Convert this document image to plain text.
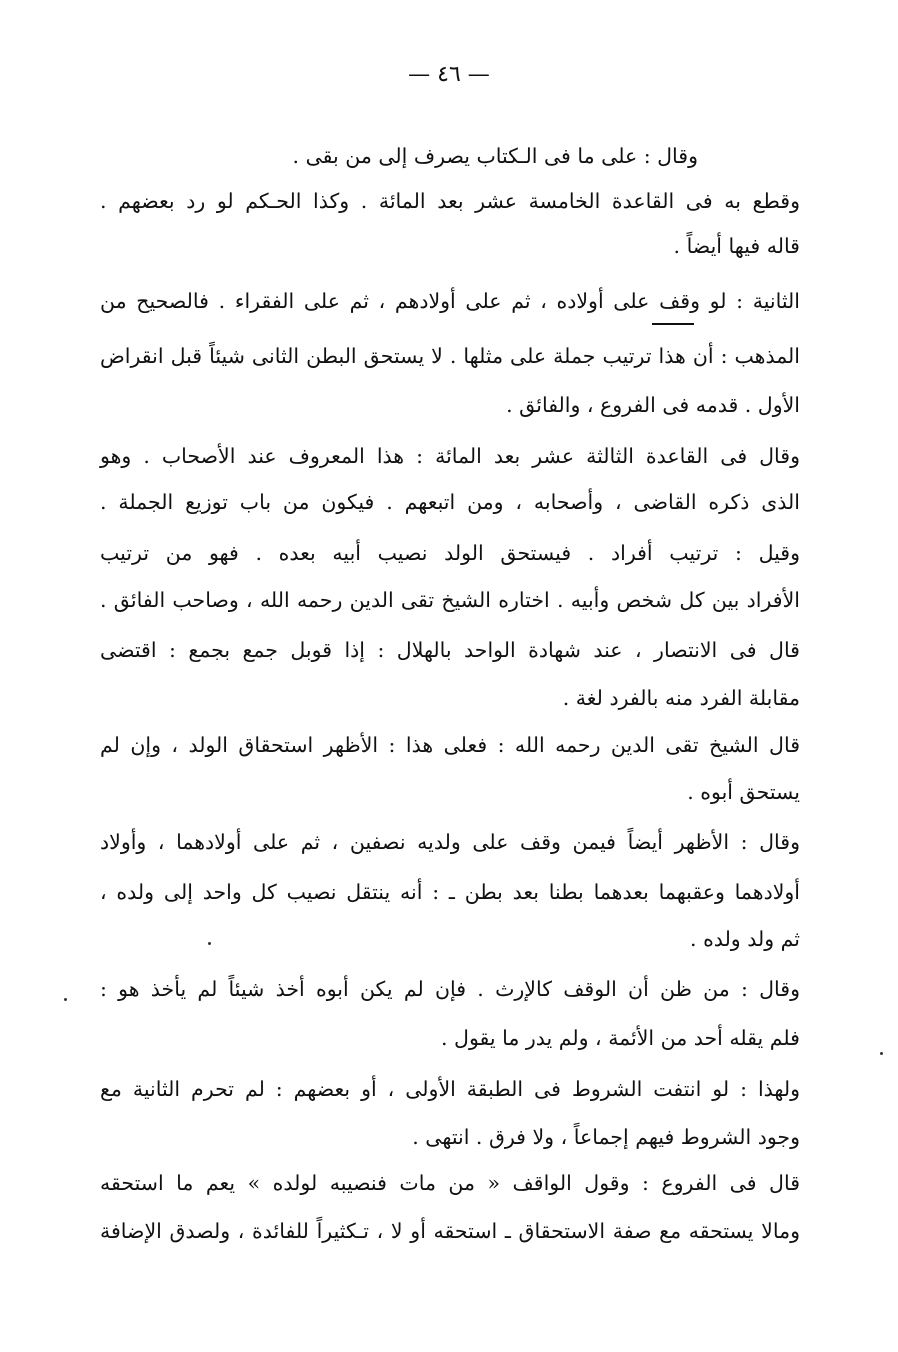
— ٤٦ —
وقال : على ما فى الـكتاب يصرف إلى من بقى .
وقطع به فى القاعدة الخامسة عشر بعد المائة . وكذا الحـكم لو رد بعضهم .
قاله فيها أيضاً .
الثانية : لو وقف على أولاده ، ثم على أولادهم ، ثم على الفقراء . فالصحيح من
المذهب : أن هذا ترتيب جملة على مثلها . لا يستحق البطن الثانى شيئاً قبل انقراض
الأول . قدمه فى الفروع ، والفائق .
وقال فى القاعدة الثالثة عشر بعد المائة : هذا المعروف عند الأصحاب . وهو
الذى ذكره القاضى ، وأصحابه ، ومن اتبعهم . فيكون من باب توزيع الجملة .
وقيل : ترتيب أفراد . فيستحق الولد نصيب أبيه بعده . فهو من ترتيب
الأفراد بين كل شخص وأبيه . اختاره الشيخ تقى الدين رحمه الله ، وصاحب الفائق .
قال فى الانتصار ، عند شهادة الواحد بالهلال : إذا قوبل جمع بجمع : اقتضى
مقابلة الفرد منه بالفرد لغة .
قال الشيخ تقى الدين رحمه الله : فعلى هذا : الأظهر استحقاق الولد ، وإن لم
يستحق أبوه .
وقال : الأظهر أيضاً فيمن وقف على ولديه نصفين ، ثم على أولادهما ، وأولاد
أولادهما وعقبهما بعدهما بطنا بعد بطن ـ : أنه ينتقل نصيب كل واحد إلى ولده ،
ثم ولد ولده .
وقال : من ظن أن الوقف كالإرث . فإن لم يكن أبوه أخذ شيئاً لم يأخذ هو :
فلم يقله أحد من الأئمة ، ولم يدر ما يقول .
ولهذا : لو انتفت الشروط فى الطبقة الأولى ، أو بعضهم : لم تحرم الثانية مع
وجود الشروط فيهم إجماعاً ، ولا فرق . انتهى .
قال فى الفروع : وقول الواقف « من مات فنصيبه لولده » يعم ما استحقه
ومالا يستحقه مع صفة الاستحقاق ـ استحقه أو لا ، تـكثيراً للفائدة ، ولصدق الإضافة
